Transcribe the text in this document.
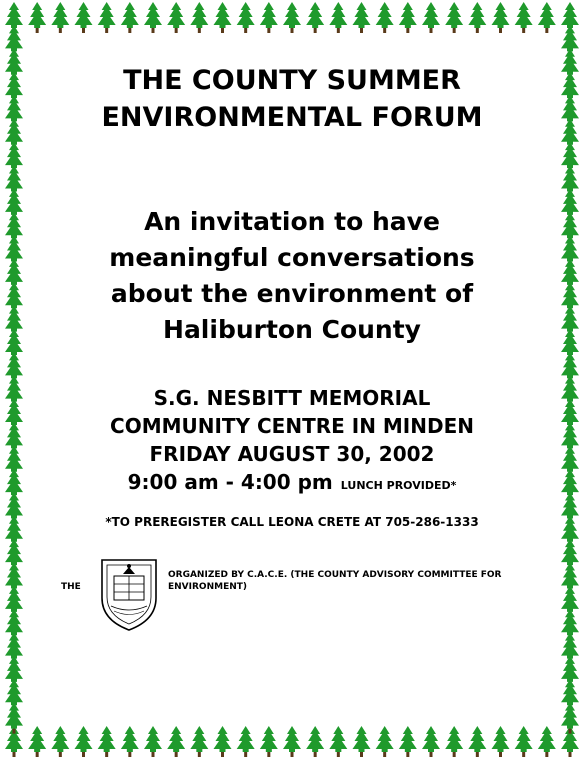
THE COUNTY SUMMER
ENVIRONMENTAL FORUM

An invitation to have
meaningful conversations
about the environment of
Haliburton County

S.G. NESBITT MEMORIAL
COMMUNITY CENTRE IN MINDEN
FRIDAY AUGUST 30, 2002

9:00 am - 4:00 pm LUNCH PROVIDED*
*TO PREREGISTER CALL LEONA CRETE AT 705-286-1333
THE
ORGANIZED BY C.A.C.E. (THE COUNTY ADVISORY COMMITTEE FOR ENVIRONMENT)
